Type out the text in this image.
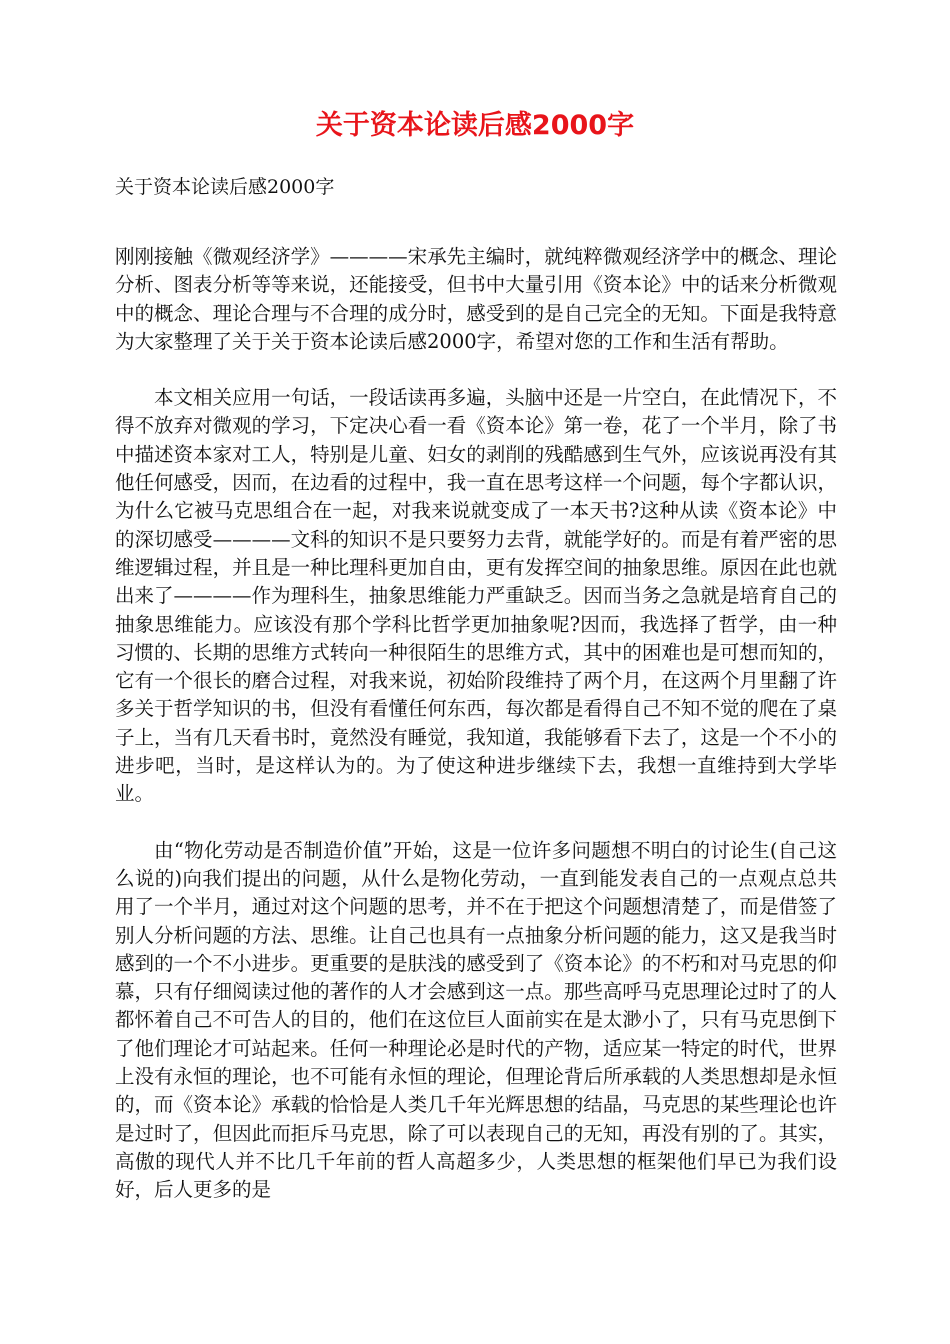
关于资本论读后感2000字

关于资本论读后感2000字

刚刚接触《微观经济学》————宋承先主编时，就纯粹微观经济学中的概念、理论分析、图表分析等等来说，还能接受，但书中大量引用《资本论》中的话来分析微观中的概念、理论合理与不合理的成分时，感受到的是自己完全的无知。下面是我特意为大家整理了关于关于资本论读后感2000字，希望对您的工作和生活有帮助。

本文相关应用一句话，一段话读再多遍，头脑中还是一片空白，在此情况下，不得不放弃对微观的学习，下定决心看一看《资本论》第一卷，花了一个半月，除了书中描述资本家对工人，特别是儿童、妇女的剥削的残酷感到生气外，应该说再没有其他任何感受，因而，在边看的过程中，我一直在思考这样一个问题，每个字都认识，为什么它被马克思组合在一起，对我来说就变成了一本天书?这种从读《资本论》中的深切感受————文科的知识不是只要努力去背，就能学好的。而是有着严密的思维逻辑过程，并且是一种比理科更加自由，更有发挥空间的抽象思维。原因在此也就出来了————作为理科生，抽象思维能力严重缺乏。因而当务之急就是培育自己的抽象思维能力。应该没有那个学科比哲学更加抽象呢?因而，我选择了哲学，由一种习惯的、长期的思维方式转向一种很陌生的思维方式，其中的困难也是可想而知的，它有一个很长的磨合过程，对我来说，初始阶段维持了两个月，在这两个月里翻了许多关于哲学知识的书，但没有看懂任何东西，每次都是看得自己不知不觉的爬在了桌子上，当有几天看书时，竟然没有睡觉，我知道，我能够看下去了，这是一个不小的进步吧，当时，是这样认为的。为了使这种进步继续下去，我想一直维持到大学毕业。

由“物化劳动是否制造价值”开始，这是一位许多问题想不明白的讨论生(自己这么说的)向我们提出的问题，从什么是物化劳动，一直到能发表自己的一点观点总共用了一个半月，通过对这个问题的思考，并不在于把这个问题想清楚了，而是借签了别人分析问题的方法、思维。让自己也具有一点抽象分析问题的能力，这又是我当时感到的一个不小进步。更重要的是肤浅的感受到了《资本论》的不朽和对马克思的仰慕，只有仔细阅读过他的著作的人才会感到这一点。那些高呼马克思理论过时了的人都怀着自己不可告人的目的，他们在这位巨人面前实在是太渺小了，只有马克思倒下了他们理论才可站起来。任何一种理论必是时代的产物，适应某一特定的时代，世界上没有永恒的理论，也不可能有永恒的理论，但理论背后所承载的人类思想却是永恒的，而《资本论》承载的恰恰是人类几千年光辉思想的结晶，马克思的某些理论也许是过时了，但因此而拒斥马克思，除了可以表现自己的无知，再没有别的了。其实，高傲的现代人并不比几千年前的哲人高超多少，人类思想的框架他们早已为我们设好，后人更多的是
